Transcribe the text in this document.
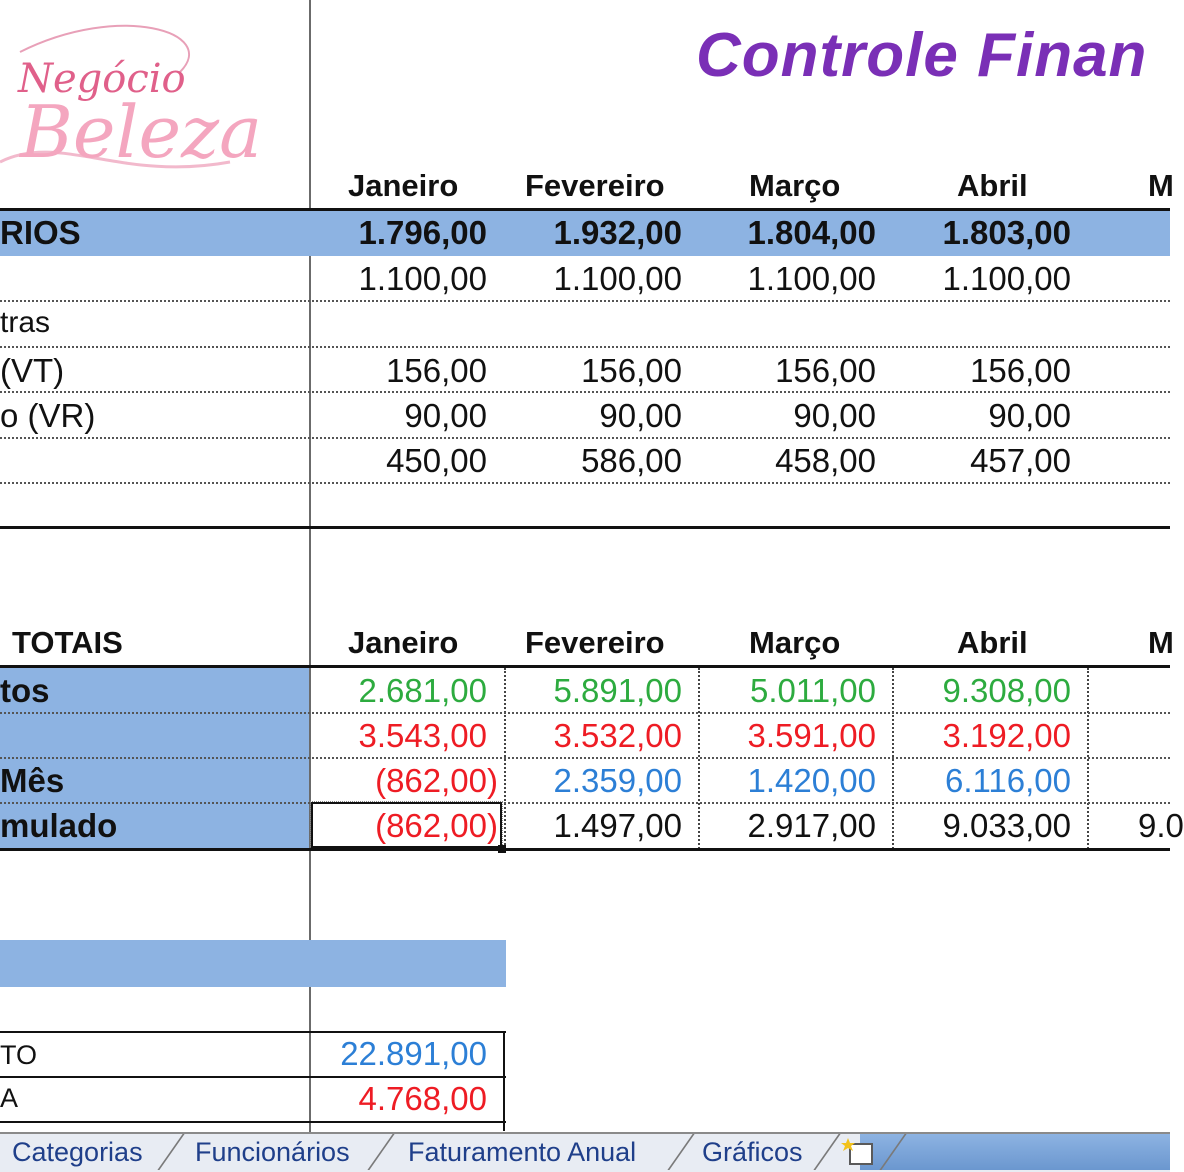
Negócio
Beleza
Controle Finan
Janeiro Fevereiro	Março	Abril	M
RIOS	1.796,00 1.932,00 1.804,00 1.803,00
1.100,00 1.100,00 1.100,00 1.100,00
tras
(VT)	156,00	156,00	156,00	156,00
o (VR)	90,00	90,00	90,00	90,00
450,00	586,00	458,00	457,00
TOTAIS	Janeiro Fevereiro	Março	Abril	M
tos	2.681,00 5.891,00 5.011,00 9.308,00
3.543,00 3.532,00 3.591,00 3.192,00
Mês	(862,00) 2.359,00 1.420,00 6.116,00
mulado	(862,00) 1.497,00 2.917,00 9.033,00 9.0
TO	22.891,00
A	4.768,00
Categorias Funcionários Faturamento Anual Gráficos
